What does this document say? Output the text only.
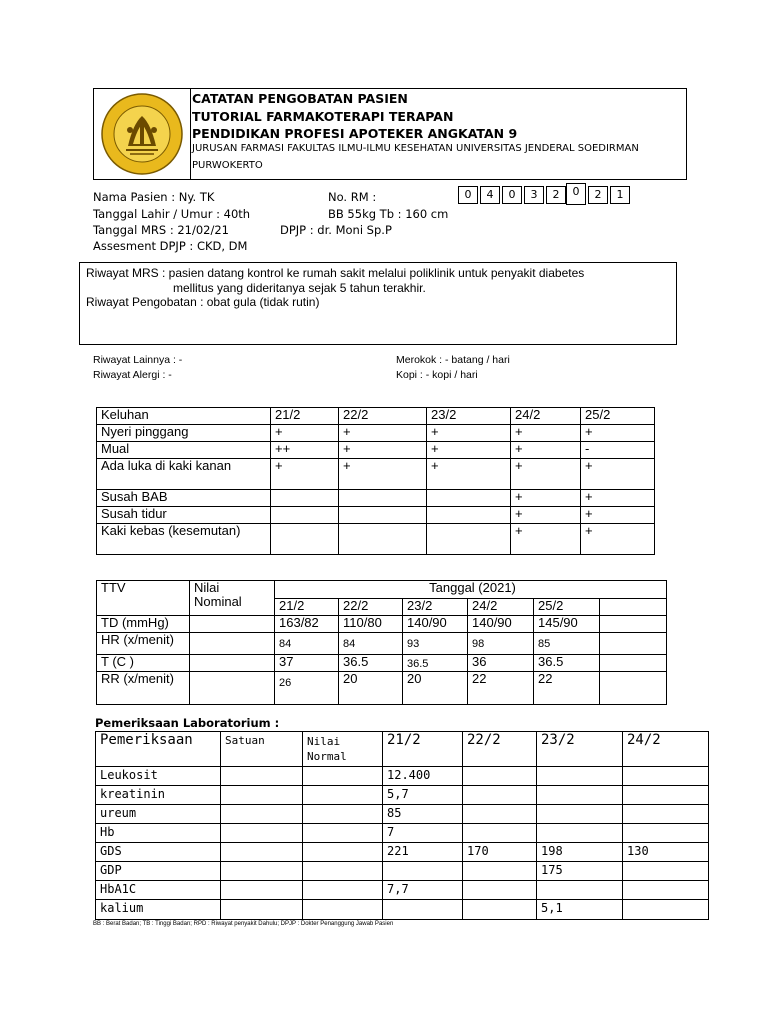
CATATAN PENGOBATAN PASIEN
TUTORIAL FARMAKOTERAPI TERAPAN
PENDIDIKAN PROFESI APOTEKER ANGKATAN 9
JURUSAN FARMASI FAKULTAS ILMU-ILMU KESEHATAN UNIVERSITAS JENDERAL SOEDIRMAN
PURWOKERTO
Nama Pasien : Ny. TK
Tanggal Lahir / Umur : 40th
Tanggal MRS : 21/02/21
Assesment DPJP : CKD, DM
No. RM :
BB 55kg Tb : 160 cm
DPJP : dr. Moni Sp.P
0	4	0	3	2	0	2	1
Riwayat MRS : pasien datang kontrol ke rumah sakit melalui poliklinik untuk penyakit diabetes
mellitus yang dideritanya sejak 5 tahun terakhir.
Riwayat Pengobatan : obat gula (tidak rutin)
Riwayat Lainnya : -
Riwayat Alergi : -
Merokok : - batang / hari
Kopi : - kopi / hari
Keluhan	21/2	22/2	23/2	24/2	25/2
Nyeri pinggang	+	+	+	+	+
Mual	++	+	+	+	-
Ada luka di kaki kanan	+	+	+	+	+
Susah BAB				+	+
Susah tidur				+	+
Kaki kebas (kesemutan)				+	+
TTV	Nilai
Nominal	Tanggal (2021)					
		21/2	22/2	23/2	24/2	25/2	
TD (mmHg)		163/82	110/80	140/90	140/90	145/90	
HR (x/menit)		84	84	93	98	85	
T (C )		37	36.5	36.5	36	36.5	
RR (x/menit)		26	20	20	22	22	
Pemeriksaan Laboratorium :
Pemeriksaan	Satuan	Nilai
Normal	21/2	22/2	23/2	24/2
Leukosit			12.400			
kreatinin			5,7			
ureum			85			
Hb			7			
GDS			221	170	198	130
GDP					175	
HbA1C			7,7			
kalium					5,1	
BB : Berat Badan; TB : Tinggi Badan; RPD : Riwayat penyakit Dahulu; DPJP : Dokter Penanggung Jawab Pasien
